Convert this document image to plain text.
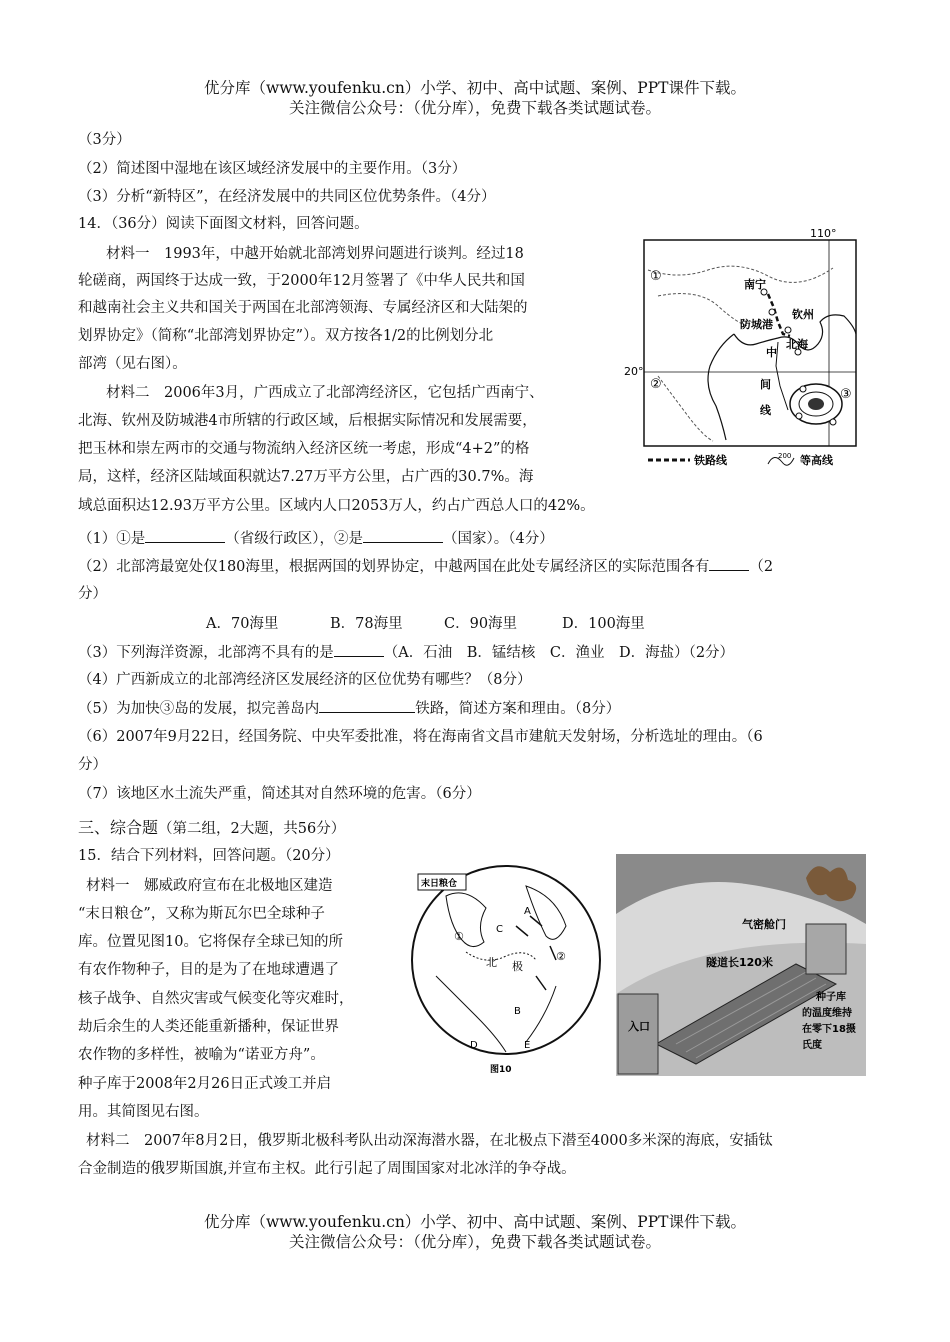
优分库（www.youfenku.cn）小学、初中、高中试题、案例、PPT课件下载。
关注微信公众号：（优分库），免费下载各类试题试卷。
（3分）
（2）简述图中湿地在该区域经济发展中的主要作用。（3分）
（3）分析“新特区”，在经济发展中的共同区位优势条件。（4分）
14．（36分）阅读下面图文材料，回答问题。
材料一　1993年，中越开始就北部湾划界问题进行谈判。经过18
轮磋商，两国终于达成一致，于2000年12月签署了《中华人民共和国
和越南社会主义共和国关于两国在北部湾领海、专属经济区和大陆架的
划界协定》（简称“北部湾划界协定”）。双方按各1/2的比例划分北
部湾（见右图）。
材料二　2006年3月，广西成立了北部湾经济区，它包括广西南宁、
北海、钦州及防城港4市所辖的行政区域，后根据实际情况和发展需要，
把玉林和崇左两市的交通与物流纳入经济区统一考虑，形成“4+2”的格
局，这样，经济区陆域面积就达7.27万平方公里，占广西的30.7%。海
域总面积达12.93万平方公里。区域内人口2053万人，约占广西总人口的42%。
110°
20°
①
②
③
南宁
防城港
钦州
北海
中
间
线
铁路线	200 等高线
（1）①是	（省级行政区），②是	（国家）。（4分）
（2）北部湾最宽处仅180海里，根据两国的划界协定，中越两国在此处专属经济区的实际范围各有	（2
分）
A．70海里	B．78海里	C．90海里	D．100海里
（3）下列海洋资源，北部湾不具有的是	（A．石油　B．锰结核　C．渔业　D．海盐）（2分）
（4）广西新成立的北部湾经济区发展经济的区位优势有哪些？（8分）
（5）为加快③岛的发展，拟完善岛内	铁路，简述方案和理由。（8分）
（6）2007年9月22日，经国务院、中央军委批准，将在海南省文昌市建航天发射场，分析选址的理由。（6
分）
（7）该地区水土流失严重，简述其对自然环境的危害。（6分）
三、综合题（第二组，2大题，共56分）
15．结合下列材料，回答问题。（20分）
材料一　娜威政府宣布在北极地区建造
“末日粮仓”，又称为斯瓦尔巴全球种子
库。位置见图10。它将保存全球已知的所
有农作物种子，目的是为了在地球遭遇了
核子战争、自然灾害或气候变化等灾难时，
劫后余生的人类还能重新播种，保证世界
农作物的多样性，被喻为“诺亚方舟”。
种子库于2008年2月26日正式竣工并启
用。其简图见右图。
末日粮仓
①
②
北 极
A
B
C
D	E
图10
入口
气密舱门
隧道长120米
种子库
的温度维持
在零下18摄
氏度
材料二　2007年8月2日，俄罗斯北极科考队出动深海潜水器，在北极点下潜至4000多米深的海底，安插钛
合金制造的俄罗斯国旗,并宣布主权。此行引起了周围国家对北冰洋的争夺战。
优分库（www.youfenku.cn）小学、初中、高中试题、案例、PPT课件下载。
关注微信公众号：（优分库），免费下载各类试题试卷。
